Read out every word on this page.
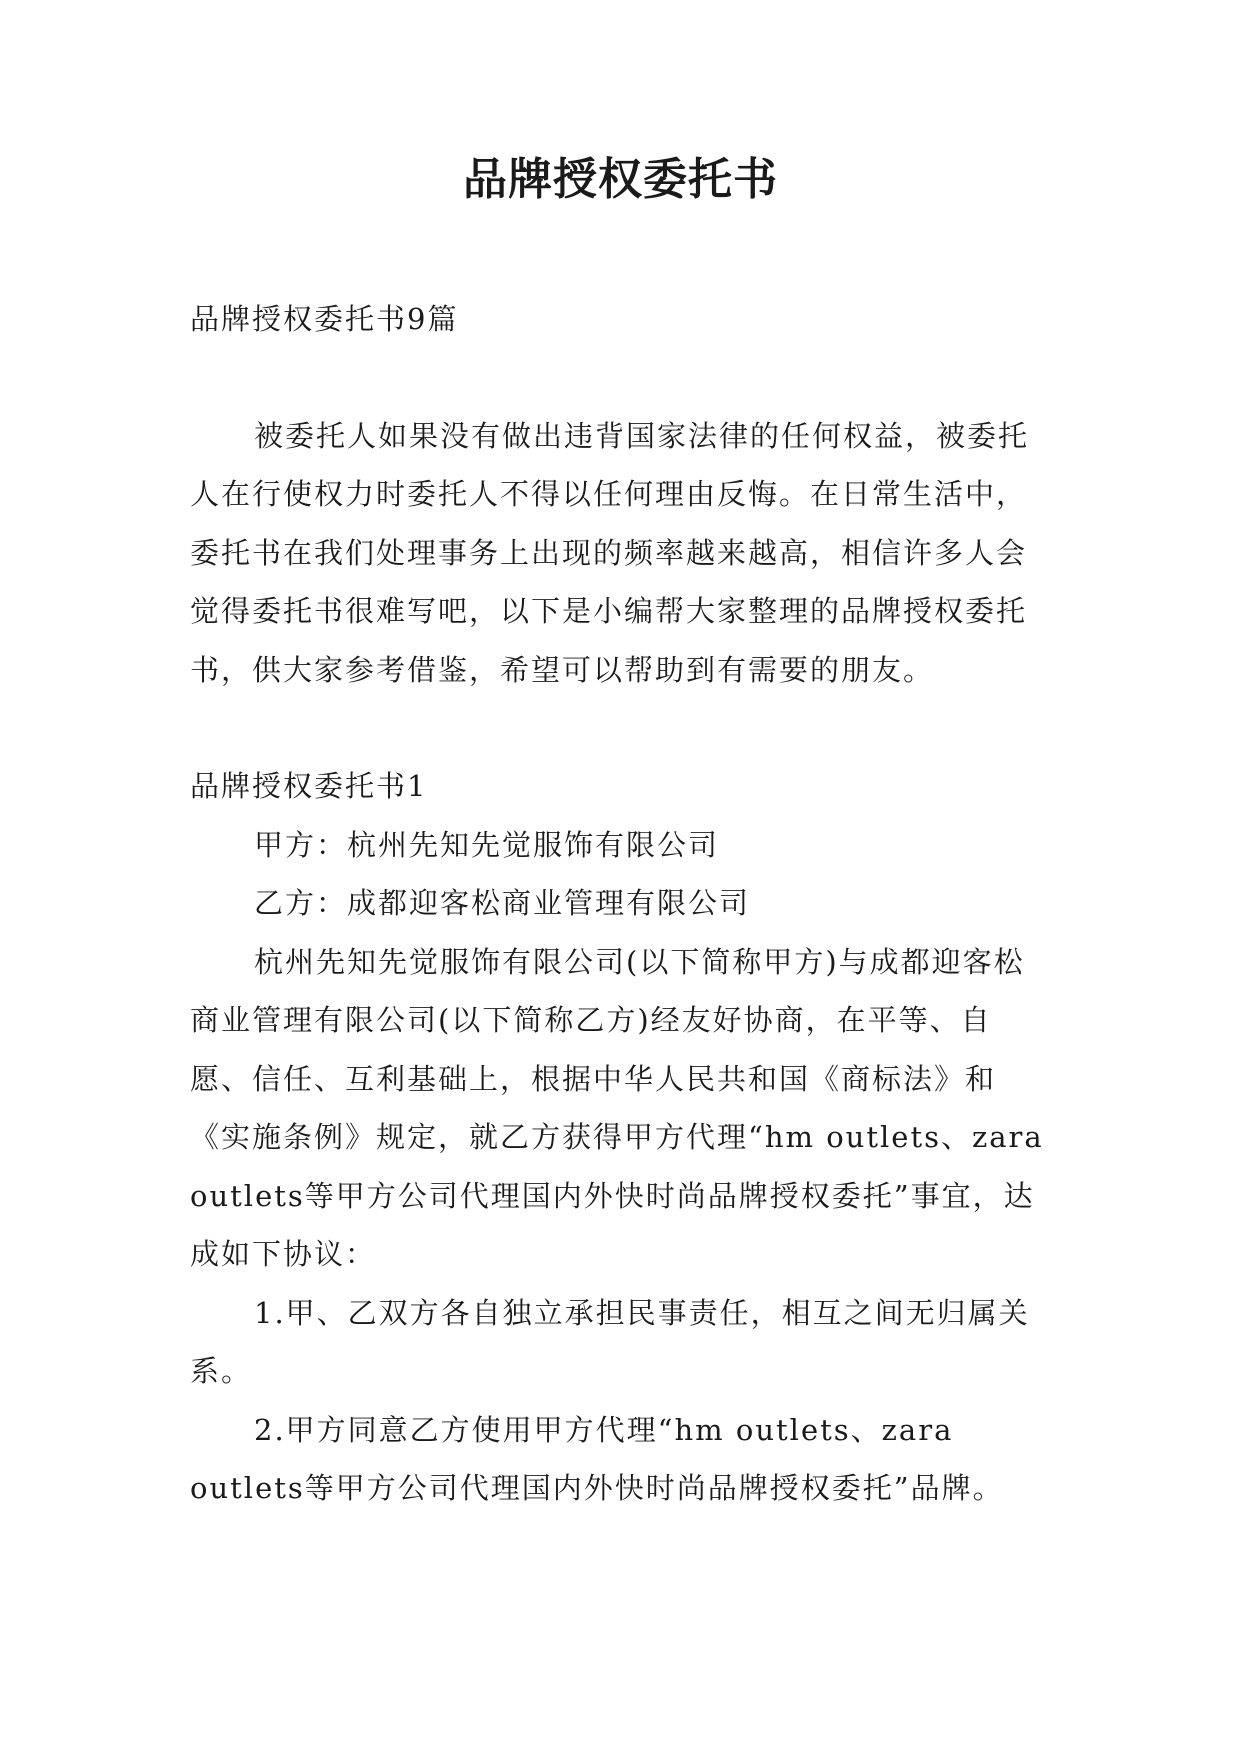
品牌授权委托书

品牌授权委托书9篇

被委托人如果没有做出违背国家法律的任何权益，被委托人在行使权力时委托人不得以任何理由反悔。在日常生活中，委托书在我们处理事务上出现的频率越来越高，相信许多人会觉得委托书很难写吧，以下是小编帮大家整理的品牌授权委托书，供大家参考借鉴，希望可以帮助到有需要的朋友。

品牌授权委托书1

甲方：杭州先知先觉服饰有限公司

乙方：成都迎客松商业管理有限公司

杭州先知先觉服饰有限公司(以下简称甲方)与成都迎客松商业管理有限公司(以下简称乙方)经友好协商，在平等、自愿、信任、互利基础上，根据中华人民共和国《商标法》和《实施条例》规定，就乙方获得甲方代理“hm outlets、zara outlets等甲方公司代理国内外快时尚品牌授权委托”事宜，达成如下协议：

1.甲、乙双方各自独立承担民事责任，相互之间无归属关系。

2.甲方同意乙方使用甲方代理“hm outlets、zara outlets等甲方公司代理国内外快时尚品牌授权委托”品牌。
